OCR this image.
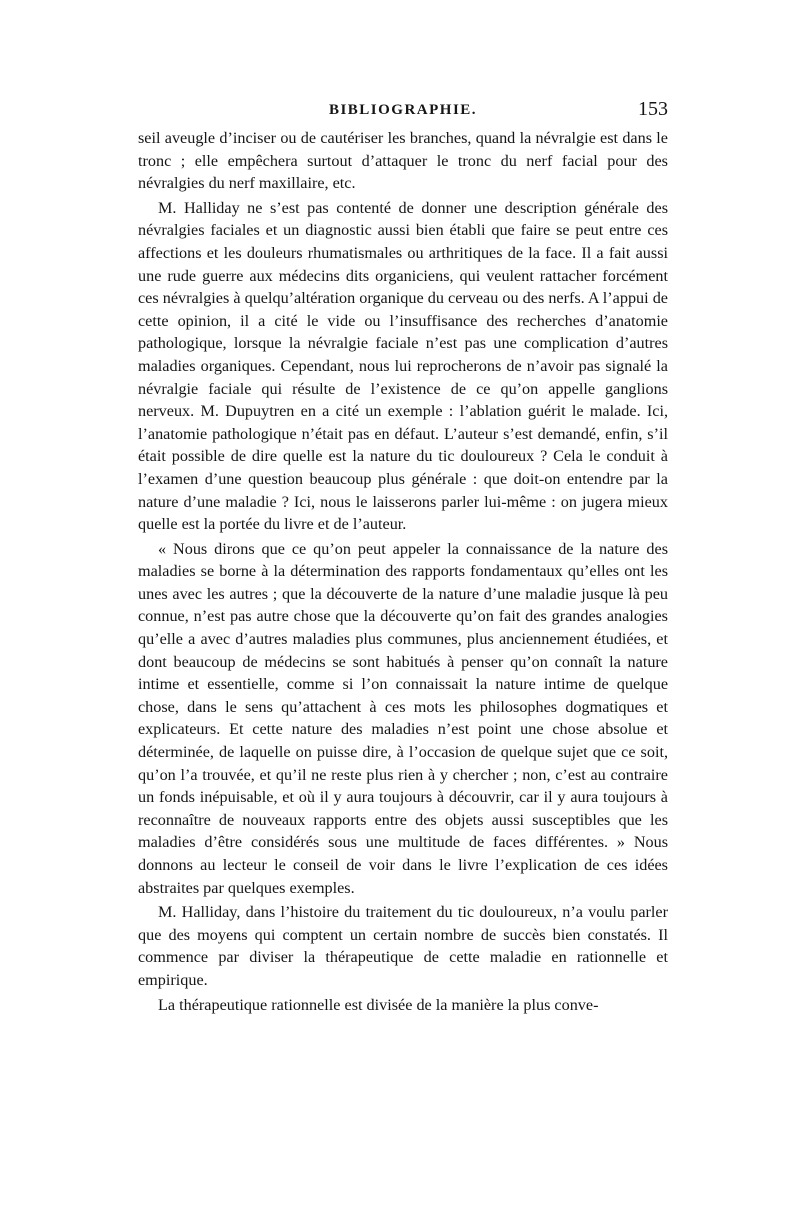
BIBLIOGRAPHIE.	153

seil aveugle d’inciser ou de cautériser les branches, quand la névralgie est dans le tronc ; elle empêchera surtout d’attaquer le tronc du nerf facial pour des névralgies du nerf maxillaire, etc.

M. Halliday ne s’est pas contenté de donner une description générale des névralgies faciales et un diagnostic aussi bien établi que faire se peut entre ces affections et les douleurs rhumatismales ou arthritiques de la face. Il a fait aussi une rude guerre aux médecins dits organiciens, qui veulent rattacher forcément ces névralgies à quelqu’altération organique du cerveau ou des nerfs. A l’appui de cette opinion, il a cité le vide ou l’insuffisance des recherches d’anatomie pathologique, lorsque la névralgie faciale n’est pas une complication d’autres maladies organiques. Cependant, nous lui reprocherons de n’avoir pas signalé la névralgie faciale qui résulte de l’existence de ce qu’on appelle ganglions nerveux. M. Dupuytren en a cité un exemple : l’ablation guérit le malade. Ici, l’anatomie pathologique n’était pas en défaut. L’auteur s’est demandé, enfin, s’il était possible de dire quelle est la nature du tic douloureux ? Cela le conduit à l’examen d’une question beaucoup plus générale : que doit-on entendre par la nature d’une maladie ? Ici, nous le laisserons parler lui-même : on jugera mieux quelle est la portée du livre et de l’auteur.

« Nous dirons que ce qu’on peut appeler la connaissance de la nature des maladies se borne à la détermination des rapports fondamentaux qu’elles ont les unes avec les autres ; que la découverte de la nature d’une maladie jusque là peu connue, n’est pas autre chose que la découverte qu’on fait des grandes analogies qu’elle a avec d’autres maladies plus communes, plus anciennement étudiées, et dont beaucoup de médecins se sont habitués à penser qu’on connaît la nature intime et essentielle, comme si l’on connaissait la nature intime de quelque chose, dans le sens qu’attachent à ces mots les philosophes dogmatiques et explicateurs. Et cette nature des maladies n’est point une chose absolue et déterminée, de laquelle on puisse dire, à l’occasion de quelque sujet que ce soit, qu’on l’a trouvée, et qu’il ne reste plus rien à y chercher ; non, c’est au contraire un fonds inépuisable, et où il y aura toujours à découvrir, car il y aura toujours à reconnaître de nouveaux rapports entre des objets aussi susceptibles que les maladies d’être considérés sous une multitude de faces différentes. » Nous donnons au lecteur le conseil de voir dans le livre l’explication de ces idées abstraites par quelques exemples.

M. Halliday, dans l’histoire du traitement du tic douloureux, n’a voulu parler que des moyens qui comptent un certain nombre de succès bien constatés. Il commence par diviser la thérapeutique de cette maladie en rationnelle et empirique.

La thérapeutique rationnelle est divisée de la manière la plus conve-
